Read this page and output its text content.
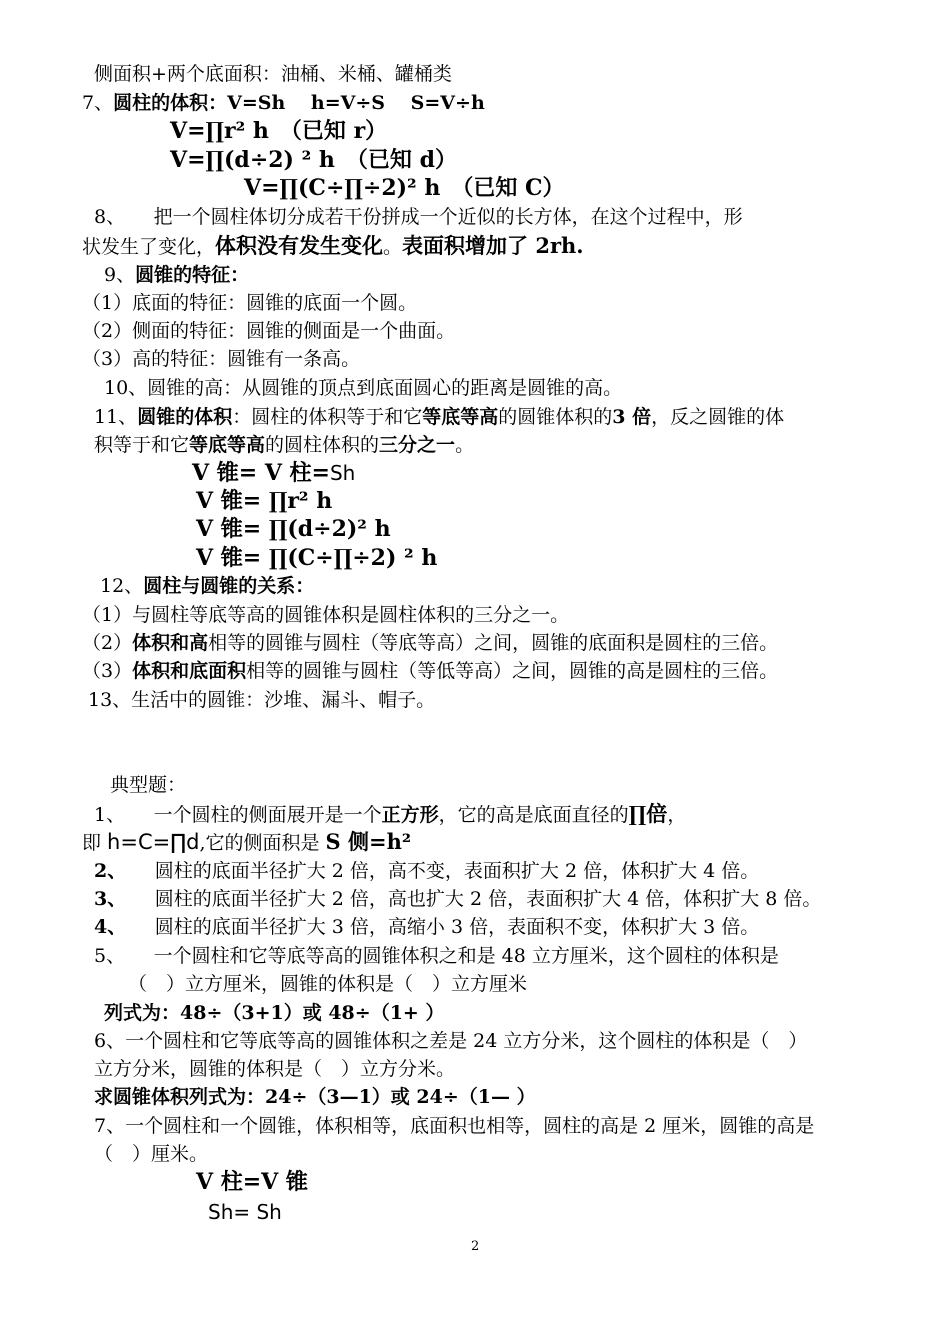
侧面积+两个底面积：油桶、米桶、罐桶类
7、圆柱的体积：V=Sh　 h=V÷S　 S=V÷h
V=∏r² h　（已知 r）
V=∏(d÷2) ² h　（已知 d）
V=∏(C÷∏÷2)² h　（已知 C）
8、　　把一个圆柱体切分成若干份拼成一个近似的长方体，在这个过程中，形
状发生了变化，体积没有发生变化。表面积增加了 2rh.
9、圆锥的特征：
（1）底面的特征：圆锥的底面一个圆。
（2）侧面的特征：圆锥的侧面是一个曲面。
（3）高的特征：圆锥有一条高。
10、圆锥的高：从圆锥的顶点到底面圆心的距离是圆锥的高。
11、圆锥的体积：圆柱的体积等于和它等底等高的圆锥体积的3 倍，反之圆锥的体
积等于和它等底等高的圆柱体积的三分之一。
V 锥= V 柱=Sh
V 锥= ∏r² h
V 锥= ∏(d÷2)² h
V 锥= ∏(C÷∏÷2) ² h
12、圆柱与圆锥的关系：
（1）与圆柱等底等高的圆锥体积是圆柱体积的三分之一。
（2）体积和高相等的圆锥与圆柱（等底等高）之间，圆锥的底面积是圆柱的三倍。
（3）体积和底面积相等的圆锥与圆柱（等低等高）之间，圆锥的高是圆柱的三倍。
13、生活中的圆锥：沙堆、漏斗、帽子。
典型题：
1、　　一个圆柱的侧面展开是一个正方形，它的高是底面直径的∏倍，
即 h=C=∏d,它的侧面积是 S 侧=h²
2、　　圆柱的底面半径扩大 2 倍，高不变，表面积扩大 2 倍，体积扩大 4 倍。
3、　　圆柱的底面半径扩大 2 倍，高也扩大 2 倍，表面积扩大 4 倍，体积扩大 8 倍。
4、　　圆柱的底面半径扩大 3 倍，高缩小 3 倍，表面积不变，体积扩大 3 倍。
5、　　一个圆柱和它等底等高的圆锥体积之和是 48 立方厘米，这个圆柱的体积是
（　）立方厘米，圆锥的体积是（　）立方厘米
列式为：48÷（3+1）或 48÷（1+ ）
6、一个圆柱和它等底等高的圆锥体积之差是 24 立方分米，这个圆柱的体积是（　）
立方分米，圆锥的体积是（　）立方分米。
求圆锥体积列式为：24÷（3—1）或 24÷（1— ）
7、一个圆柱和一个圆锥，体积相等，底面积也相等，圆柱的高是 2 厘米，圆锥的高是
（　）厘米。
V 柱=V 锥
Sh= Sh
2
